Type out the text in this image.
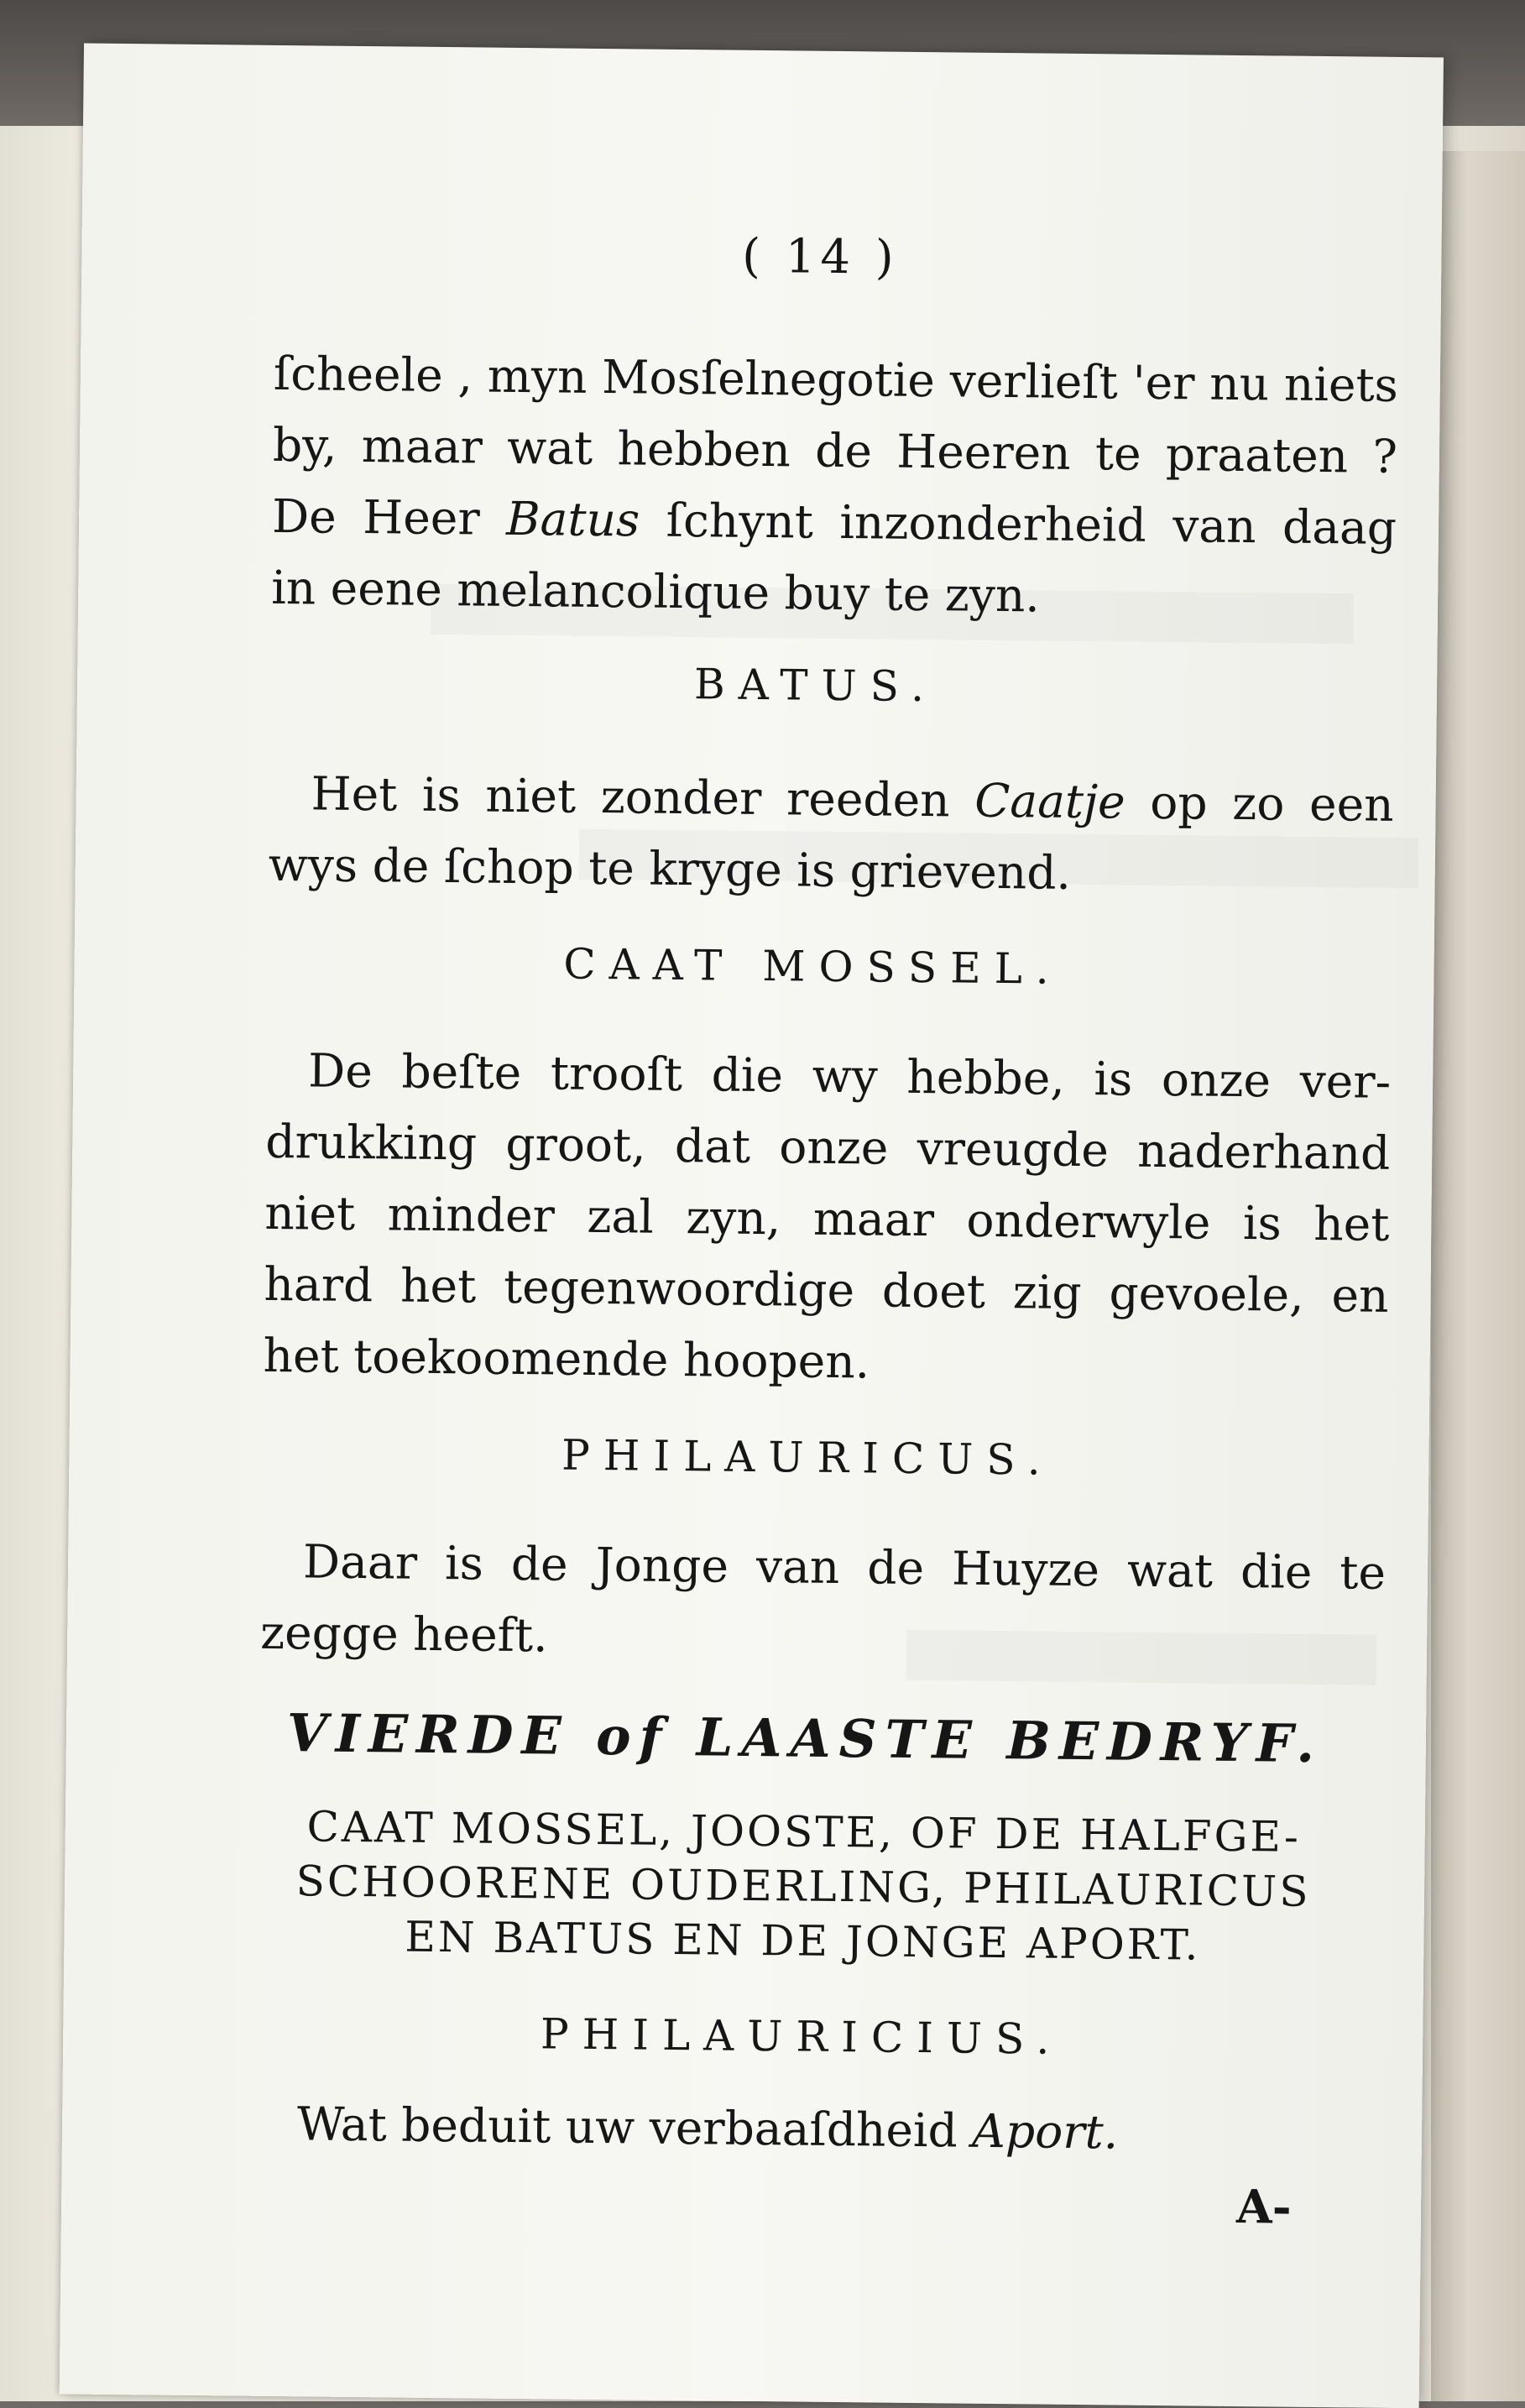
( 14 )
ſcheele , myn Mosſelnegotie verlieſt 'er nu niets
by, maar wat hebben de Heeren te praaten ?
De Heer Batus ſchynt inzonderheid van daag
in eene melancolique buy te zyn.
BATUS.
Het is niet zonder reeden Caatje op zo een
wys de ſchop te kryge is grievend.
CAAT MOSSEL.
De beſte trooſt die wy hebbe, is onze ver-
drukking groot, dat onze vreugde naderhand
niet minder zal zyn, maar onderwyle is het
hard het tegenwoordige doet zig gevoele, en
het toekoomende hoopen.
PHILAURICUS.
Daar is de Jonge van de Huyze wat die te
zegge heeft.
VIERDE of LAASTE BEDRYF.
CAAT MOSSEL, JOOSTE, OF DE HALFGE-
SCHOORENE OUDERLING, PHILAURICUS
EN BATUS EN DE JONGE APORT.
PHILAURICIUS.
Wat beduit uw verbaaſdheid Aport.
A-
